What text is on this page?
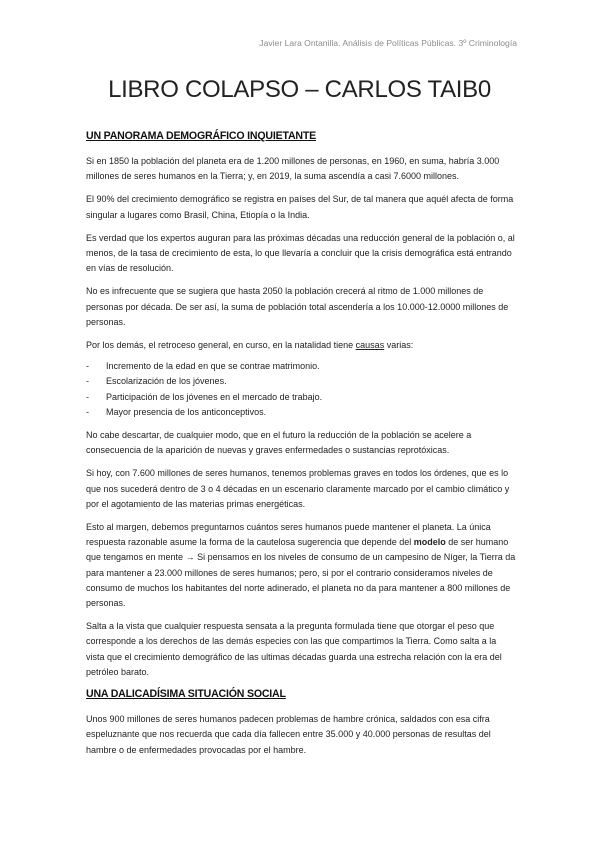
Javier Lara Ontanilla. Análisis de Políticas Públicas. 3º Criminología
LIBRO COLAPSO – CARLOS TAIB0
UN PANORAMA DEMOGRÁFICO INQUIETANTE

Si en 1850 la población del planeta era de 1.200 millones de personas, en 1960, en suma, habría 3.000 millones de seres humanos en la Tierra; y, en 2019, la suma ascendía a casi 7.6000 millones.

El 90% del crecimiento demográfico se registra en países del Sur, de tal manera que aquél afecta de forma singular a lugares como Brasil, China, Etiopía o la India.

Es verdad que los expertos auguran para las próximas décadas una reducción general de la población o, al menos, de la tasa de crecimiento de esta, lo que llevaría a concluir que la crisis demográfica está entrando en vías de resolución.

No es infrecuente que se sugiera que hasta 2050 la población crecerá al ritmo de 1.000 millones de personas por década. De ser así, la suma de población total ascendería a los 10.000-12.0000 millones de personas.

Por los demás, el retroceso general, en curso, en la natalidad tiene causas varias:

- Incremento de la edad en que se contrae matrimonio.
- Escolarización de los jóvenes.
- Participación de los jóvenes en el mercado de trabajo.
- Mayor presencia de los anticonceptivos.

No cabe descartar, de cualquier modo, que en el futuro la reducción de la población se acelere a consecuencia de la aparición de nuevas y graves enfermedades o sustancias reprotóxicas.

Si hoy, con 7.600 millones de seres humanos, tenemos problemas graves en todos los órdenes, que es lo que nos sucederá dentro de 3 o 4 décadas en un escenario claramente marcado por el cambio climático y por el agotamiento de las materias primas energéticas.

Esto al margen, debemos preguntarnos cuántos seres humanos puede mantener el planeta. La única respuesta razonable asume la forma de la cautelosa sugerencia que depende del modelo de ser humano que tengamos en mente → Si pensamos en los niveles de consumo de un campesino de Níger, la Tierra da para mantener a 23.000 millones de seres humanos; pero, si por el contrario consideramos niveles de consumo de muchos los habitantes del norte adinerado, el planeta no da para mantener a 800 millones de personas.

Salta a la vista que cualquier respuesta sensata a la pregunta formulada tiene que otorgar el peso que corresponde a los derechos de las demás especies con las que compartimos la Tierra. Como salta a la vista que el crecimiento demográfico de las ultimas décadas guarda una estrecha relación con la era del petróleo barato.

UNA DALICADÍSIMA SITUACIÓN SOCIAL

Unos 900 millones de seres humanos padecen problemas de hambre crónica, saldados con esa cifra espeluznante que nos recuerda que cada día fallecen entre 35.000 y 40.000 personas de resultas del hambre o de enfermedades provocadas por el hambre.
